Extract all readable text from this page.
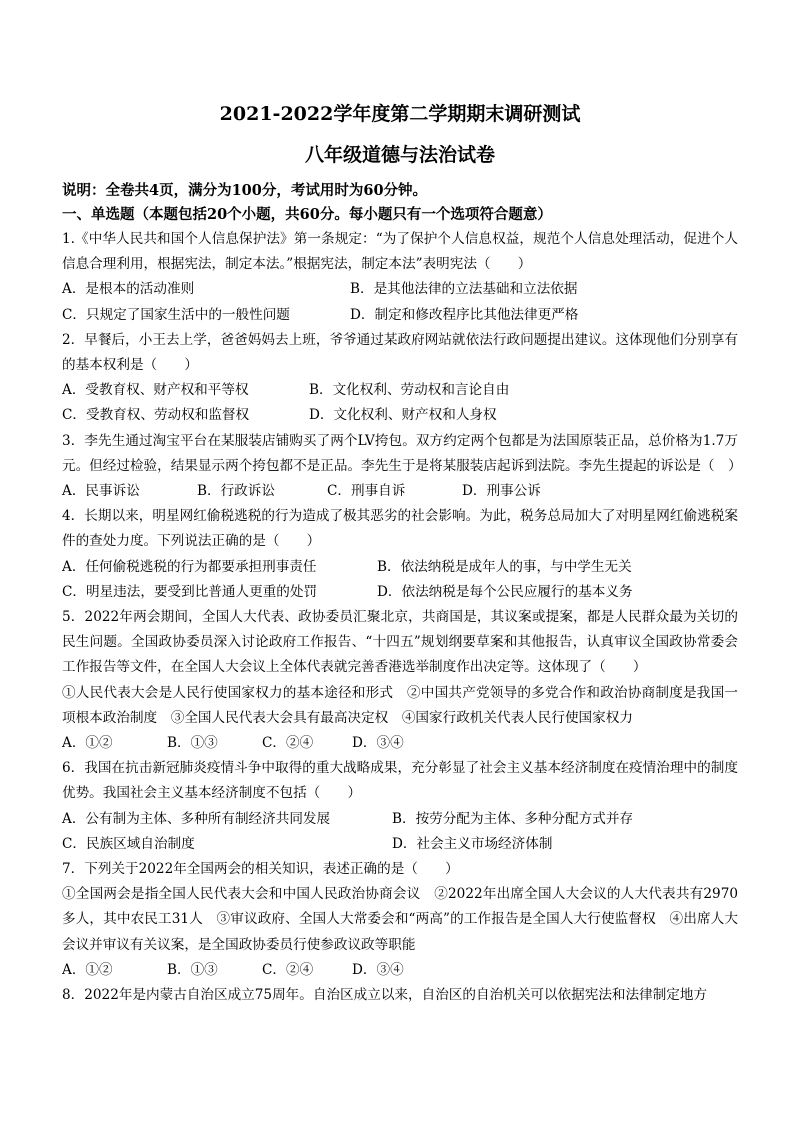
2021-2022学年度第二学期期末调研测试
八年级道德与法治试卷
说明：全卷共4页，满分为100分，考试用时为60分钟。
一、单选题（本题包括20个小题，共60分。每小题只有一个选项符合题意）
1.《中华人民共和国个人信息保护法》第一条规定：“为了保护个人信息权益，规范个人信息处理活动，促进个人信息合理利用，根据宪法，制定本法。”根据宪法，制定本法”表明宪法（　　）
A．是根本的活动准则	B．是其他法律的立法基础和立法依据
C．只规定了国家生活中的一般性问题	D．制定和修改程序比其他法律更严格
2．早餐后，小王去上学，爸爸妈妈去上班，爷爷通过某政府网站就依法行政问题提出建议。这体现他们分别享有的基本权利是（　　）
A．受教育权、财产权和平等权	B．文化权利、劳动权和言论自由
C．受教育权、劳动权和监督权	D．文化权利、财产权和人身权
3．李先生通过淘宝平台在某服装店铺购买了两个LV挎包。双方约定两个包都是为法国原装正品，总价格为1.7万元。但经过检验，结果显示两个挎包都不是正品。李先生于是将某服装店起诉到法院。李先生提起的诉讼是（　）
A．民事诉讼	B．行政诉讼	C．刑事自诉	D．刑事公诉
4．长期以来，明星网红偷税逃税的行为造成了极其恶劣的社会影响。为此，税务总局加大了对明星网红偷逃税案件的查处力度。下列说法正确的是（　　）
A．任何偷税逃税的行为都要承担刑事责任	B．依法纳税是成年人的事，与中学生无关
C．明星违法，要受到比普通人更重的处罚	D．依法纳税是每个公民应履行的基本义务
5．2022年两会期间，全国人大代表、政协委员汇聚北京，共商国是，其议案或提案，都是人民群众最为关切的民生问题。全国政协委员深入讨论政府工作报告、“十四五”规划纲要草案和其他报告，认真审议全国政协常委会工作报告等文件，在全国人大会议上全体代表就完善香港选举制度作出决定等。这体现了（　　）
①人民代表大会是人民行使国家权力的基本途径和形式　②中国共产党领导的多党合作和政治协商制度是我国一项根本政治制度　③全国人民代表大会具有最高决定权　④国家行政机关代表人民行使国家权力
A．①②	B．①③	C．②④	D．③④
6．我国在抗击新冠肺炎疫情斗争中取得的重大战略成果，充分彰显了社会主义基本经济制度在疫情治理中的制度优势。我国社会主义基本经济制度不包括（　　）
A．公有制为主体、多种所有制经济共同发展	B．按劳分配为主体、多种分配方式并存
C．民族区域自治制度	D．社会主义市场经济体制
7．下列关于2022年全国两会的相关知识，表述正确的是（　　）
①全国两会是指全国人民代表大会和中国人民政治协商会议　②2022年出席全国人大会议的人大代表共有2970多人，其中农民工31人　③审议政府、全国人大常委会和“两高”的工作报告是全国人大行使监督权　④出席人大会议并审议有关议案，是全国政协委员行使参政议政等职能
A．①②	B．①③	C．②④	D．③④
8．2022年是内蒙古自治区成立75周年。自治区成立以来，自治区的自治机关可以依据宪法和法律制定地方
